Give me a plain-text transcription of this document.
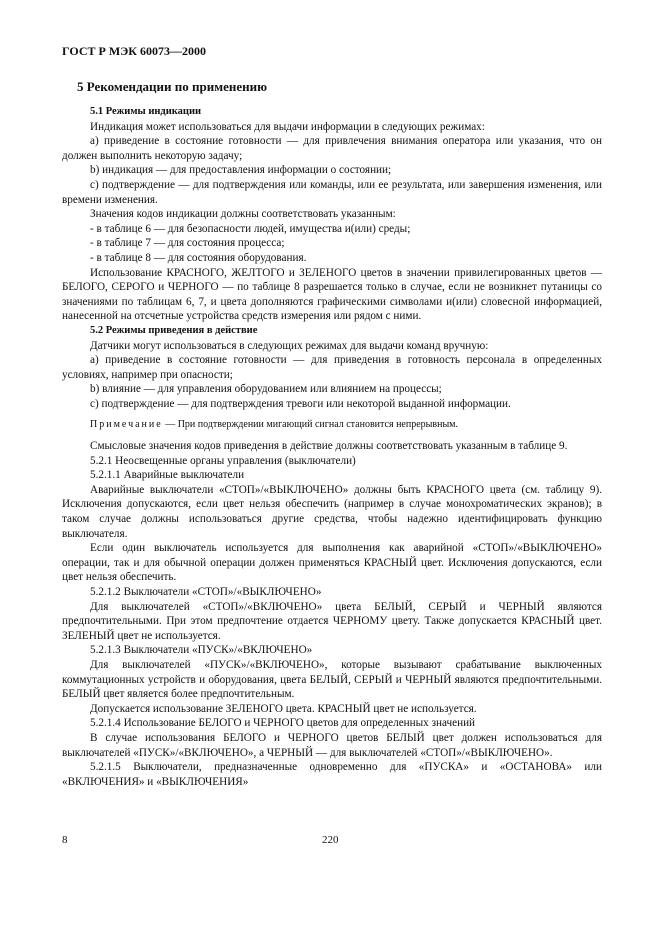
ГОСТ Р МЭК 60073—2000
5 Рекомендации по применению
5.1 Режимы индикации

Индикация может использоваться для выдачи информации в следующих режимах:

а) приведение в состояние готовности — для привлечения внимания оператора или указания, что он должен выполнить некоторую задачу;

b) индикация — для предоставления информации о состоянии;

с) подтверждение — для подтверждения или команды, или ее результата, или завершения изменения, или времени изменения.

Значения кодов индикации должны соответствовать указанным:

- в таблице 6 — для безопасности людей, имущества и(или) среды;

- в таблице 7 — для состояния процесса;

- в таблице 8 — для состояния оборудования.

Использование КРАСНОГО, ЖЕЛТОГО и ЗЕЛЕНОГО цветов в значении привилегированных цветов — БЕЛОГО, СЕРОГО и ЧЕРНОГО — по таблице 8 разрешается только в случае, если не возникнет путаницы со значениями по таблицам 6, 7, и цвета дополняются графическими символами и(или) словесной информацией, нанесенной на отсчетные устройства средств измерения или рядом с ними.

5.2 Режимы приведения в действие

Датчики могут использоваться в следующих режимах для выдачи команд вручную:

а) приведение в состояние готовности — для приведения в готовность персонала в определенных условиях, например при опасности;

b) влияние — для управления оборудованием или влиянием на процессы;

с) подтверждение — для подтверждения тревоги или некоторой выданной информации.

Примечание — При подтверждении мигающий сигнал становится непрерывным.

Смысловые значения кодов приведения в действие должны соответствовать указанным в таблице 9.

5.2.1 Неосвещенные органы управления (выключатели)

5.2.1.1 Аварийные выключатели

Аварийные выключатели «СТОП»/«ВЫКЛЮЧЕНО» должны быть КРАСНОГО цвета (см. таблицу 9). Исключения допускаются, если цвет нельзя обеспечить (например в случае монохроматических экранов); в таком случае должны использоваться другие средства, чтобы надежно идентифицировать функцию выключателя.

Если один выключатель используется для выполнения как аварийной «СТОП»/«ВЫКЛЮЧЕНО» операции, так и для обычной операции должен применяться КРАСНЫЙ цвет. Исключения допускаются, если цвет нельзя обеспечить.

5.2.1.2 Выключатели «СТОП»/«ВЫКЛЮЧЕНО»

Для выключателей «СТОП»/«ВКЛЮЧЕНО» цвета БЕЛЫЙ, СЕРЫЙ и ЧЕРНЫЙ являются предпочтительными. При этом предпочтение отдается ЧЕРНОМУ цвету. Также допускается КРАСНЫЙ цвет. ЗЕЛЕНЫЙ цвет не используется.

5.2.1.3 Выключатели «ПУСК»/«ВКЛЮЧЕНО»

Для выключателей «ПУСК»/«ВКЛЮЧЕНО», которые вызывают срабатывание выключенных коммутационных устройств и оборудования, цвета БЕЛЫЙ, СЕРЫЙ и ЧЕРНЫЙ являются предпочтительными. БЕЛЫЙ цвет является более предпочтительным.

Допускается использование ЗЕЛЕНОГО цвета. КРАСНЫЙ цвет не используется.

5.2.1.4 Использование БЕЛОГО и ЧЕРНОГО цветов для определенных значений

В случае использования БЕЛОГО и ЧЕРНОГО цветов БЕЛЫЙ цвет должен использоваться для выключателей «ПУСК»/«ВКЛЮЧЕНО», а ЧЕРНЫЙ — для выключателей «СТОП»/«ВЫКЛЮЧЕНО».

5.2.1.5 Выключатели, предназначенные одновременно для «ПУСКА» и «ОСТАНОВА» или «ВКЛЮЧЕНИЯ» и «ВЫКЛЮЧЕНИЯ»

8	220
